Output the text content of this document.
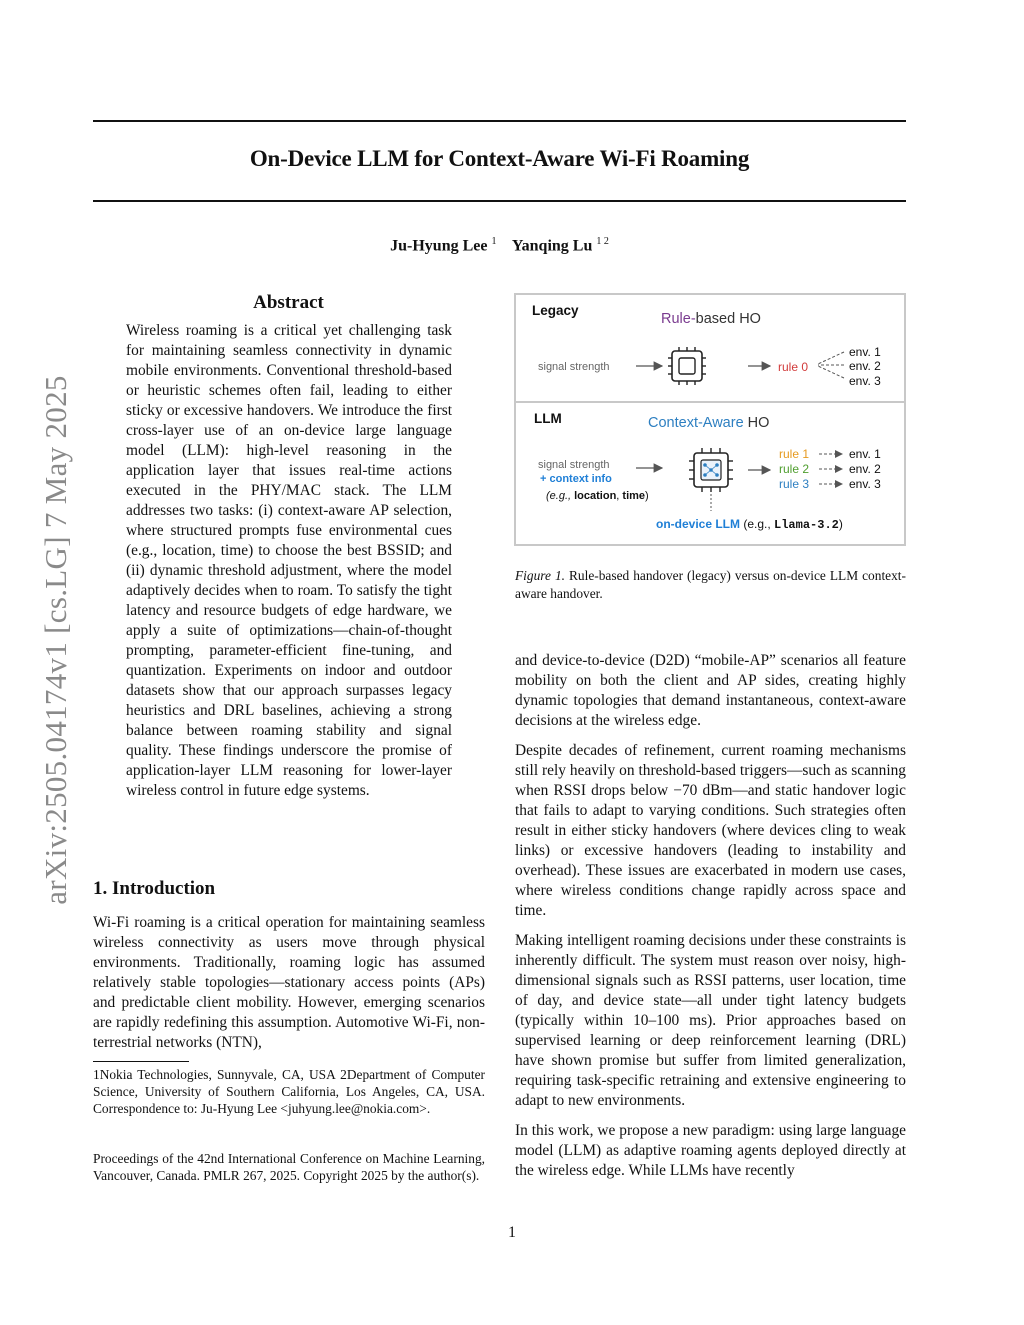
On-Device LLM for Context-Aware Wi-Fi Roaming
Ju-Hyung Lee $^1$ Yanqing Lu $^{1 2}$
arXiv:2505.04174v1 [cs.LG] 7 May 2025
Abstract

Wireless roaming is a critical yet challenging task for maintaining seamless connectivity in dynamic mobile environments. Conventional threshold-based or heuristic schemes often fail, leading to either sticky or excessive handovers. We introduce the first cross-layer use of an on-device large language model (LLM): high-level reasoning in the application layer that issues real-time actions executed in the PHY/MAC stack. The LLM addresses two tasks: (i) context-aware AP selection, where structured prompts fuse environmental cues (e.g., location, time) to choose the best BSSID; and (ii) dynamic threshold adjustment, where the model adaptively decides when to roam. To satisfy the tight latency and resource budgets of edge hardware, we apply a suite of optimizations—chain-of-thought prompting, parameter-efficient fine-tuning, and quantization. Experiments on indoor and outdoor datasets show that our approach surpasses legacy heuristics and DRL baselines, achieving a strong balance between roaming stability and signal quality. These findings underscore the promise of application-layer LLM reasoning for lower-layer wireless control in future edge systems.

1. Introduction

Wi-Fi roaming is a critical operation for maintaining seamless wireless connectivity as users move through physical environments. Traditionally, roaming logic has assumed relatively stable topologies—stationary access points (APs) and predictable client mobility. However, emerging scenarios are rapidly redefining this assumption. Automotive Wi-Fi, non-terrestrial networks (NTN),

1Nokia Technologies, Sunnyvale, CA, USA 2Department of Computer Science, University of Southern California, Los Angeles, CA, USA. Correspondence to: Ju-Hyung Lee <juhyung.lee@nokia.com>.
Proceedings of the 42nd International Conference on Machine Learning, Vancouver, Canada. PMLR 267, 2025. Copyright 2025 by the author(s).
Legacy
Rule-based HO
signal strength	rule 0
env. 1
env. 2
env. 3
LLM	Context-Aware HO
signal strength
+ context info
(e.g., location, time)
rule 1
rule 2
rule 3
env. 1
env. 2
env. 3
on-device LLM (e.g., Llama-3.2)
Figure 1. Rule-based handover (legacy) versus on-device LLM context-aware handover.

and device-to-device (D2D) “mobile-AP” scenarios all feature mobility on both the client and AP sides, creating highly dynamic topologies that demand instantaneous, context-aware decisions at the wireless edge.

Despite decades of refinement, current roaming mechanisms still rely heavily on threshold-based triggers—such as scanning when RSSI drops below −70 dBm—and static handover logic that fails to adapt to varying conditions. Such strategies often result in either sticky handovers (where devices cling to weak links) or excessive handovers (leading to instability and overhead). These issues are exacerbated in modern use cases, where wireless conditions change rapidly across space and time.

Making intelligent roaming decisions under these constraints is inherently difficult. The system must reason over noisy, high-dimensional signals such as RSSI patterns, user location, time of day, and device state—all under tight latency budgets (typically within 10–100 ms). Prior approaches based on supervised learning or deep reinforcement learning (DRL) have shown promise but suffer from limited generalization, requiring task-specific retraining and extensive engineering to adapt to new environments.

In this work, we propose a new paradigm: using large language model (LLM) as adaptive roaming agents deployed directly at the wireless edge. While LLMs have recently

1
